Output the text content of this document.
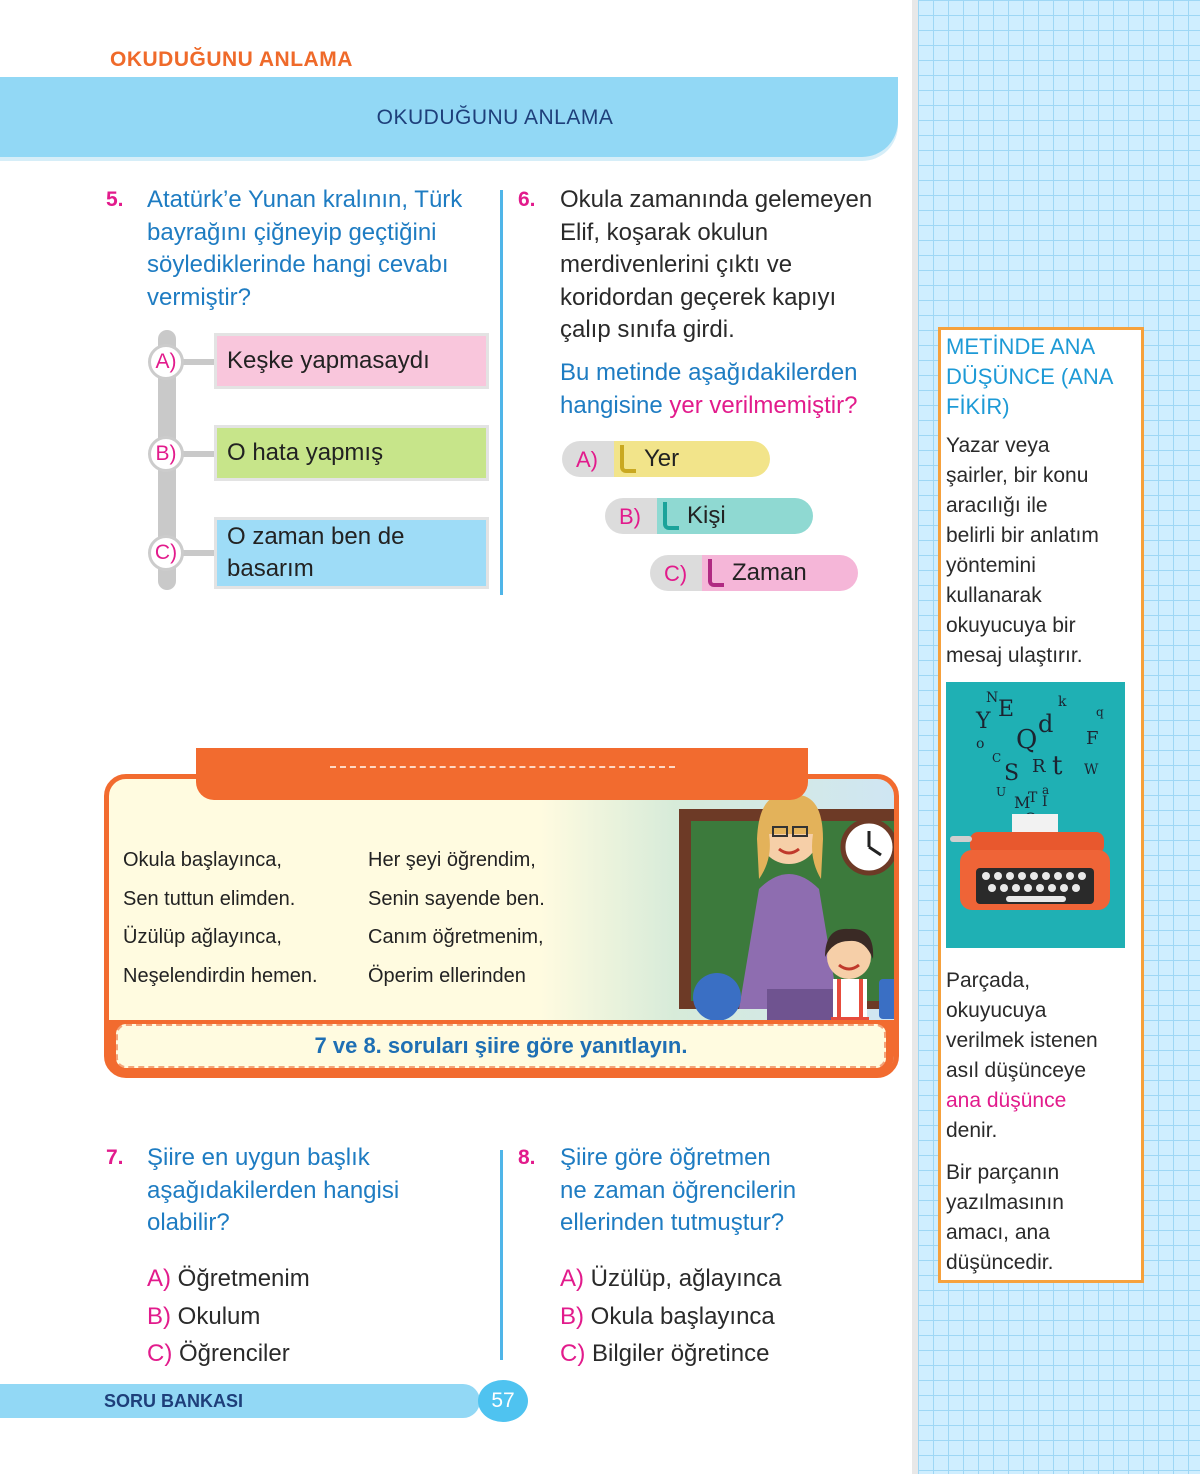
OKUDUĞUNU ANLAMA
OKUDUĞUNU ANLAMA
METİNDE ANA
DÜŞÜNCE (ANA
FİKİR)
Yazar veya
şairler, bir konu
aracılığı ile
belirli bir anlatım
yöntemini
kullanarak
okuyucuya bir
mesaj ulaştırır.
N
Y E
d
k
F
o Q
R t
C
S
U	a
W
M
T I
q
Parçada,
okuyucuya
verilmek istenen
asıl düşünceye
ana düşünce
denir.
Bir parçanın
yazılmasının
amacı, ana
düşüncedir.
5. Atatürk’e Yunan kralının, Türk
bayrağını çiğneyip geçtiğini
söylediklerinde hangi cevabı
vermiştir?
A)	Keşke yapmasaydı
B)	O hata yapmış
C)
O zaman ben de
basarım
6. Okula zamanında gelemeyen
Elif, koşarak okulun
merdivenlerini çıktı ve
koridordan geçerek kapıyı
çalıp sınıfa girdi.
Bu metinde aşağıdakilerden
hangisine yer verilmemiştir?
A) Yer
B) Kişi
C) Zaman
Okula başlayınca,
Sen tuttun elimden.
Üzülüp ağlayınca,
Neşelendirdin hemen.
Her şeyi öğrendim,
Senin sayende ben.
Canım öğretmenim,
Öperim ellerinden
7 ve 8. soruları şiire göre yanıtlayın.
7. Şiire en uygun başlık
aşağıdakilerden hangisi
olabilir?
A) Öğretmenim
B) Okulum
C) Öğrenciler
8. Şiire göre öğretmen
ne zaman öğrencilerin
ellerinden tutmuştur?
A) Üzülüp, ağlayınca
B) Okula başlayınca
C) Bilgiler öğretince
SORU BANKASI	57
